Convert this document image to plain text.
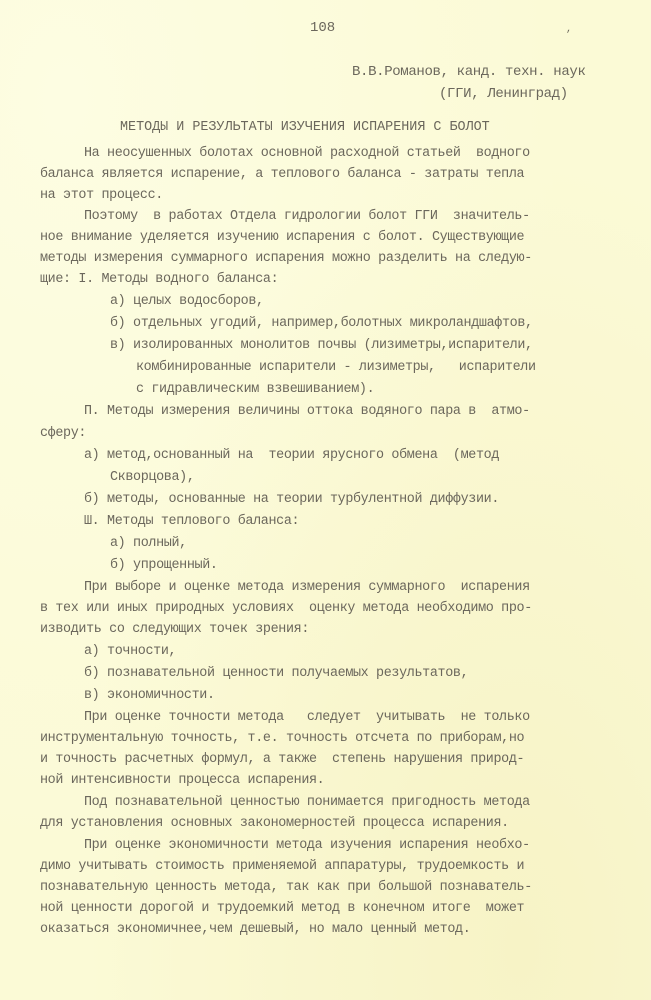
108	,
В.В.Романов, канд. техн. наук
(ГГИ, Ленинград)
МЕТОДЫ И РЕЗУЛЬТАТЫ ИЗУЧЕНИЯ ИСПАРЕНИЯ С БОЛОТ
На неосушенных болотах основной расходной статьей  водного
баланса является испарение, а теплового баланса - затраты тепла
на этот процесс.
Поэтому  в работах Отдела гидрологии болот ГГИ  значитель-
ное внимание уделяется изучению испарения с болот. Существующие
методы измерения суммарного испарения можно разделить на следую-
щие: I. Методы водного баланса:
а) целых водосборов,
б) отдельных угодий, например,болотных микроландшафтов,
в) изолированных монолитов почвы (лизиметры,испарители,
комбинированные испарители - лизиметры,   испарители
с гидравлическим взвешиванием).
П. Методы измерения величины оттока водяного пара в  атмо-
сферу:
а) метод,основанный на  теории ярусного обмена  (метод
Скворцова),
б) методы, основанные на теории турбулентной диффузии.
Ш. Методы теплового баланса:
а) полный,
б) упрощенный.
При выборе и оценке метода измерения суммарного  испарения
в тех или иных природных условиях  оценку метода необходимо про-
изводить со следующих точек зрения:
а) точности,
б) познавательной ценности получаемых результатов,
в) экономичности.
При оценке точности метода   следует  учитывать  не только
инструментальную точность, т.е. точность отсчета по приборам,но
и точность расчетных формул, а также  степень нарушения природ-
ной интенсивности процесса испарения.
Под познавательной ценностью понимается пригодность метода
для установления основных закономерностей процесса испарения.
При оценке экономичности метода изучения испарения необхо-
димо учитывать стоимость применяемой аппаратуры, трудоемкость и
познавательную ценность метода, так как при большой познаватель-
ной ценности дорогой и трудоемкий метод в конечном итоге  может
оказаться экономичнее,чем дешевый, но мало ценный метод.
